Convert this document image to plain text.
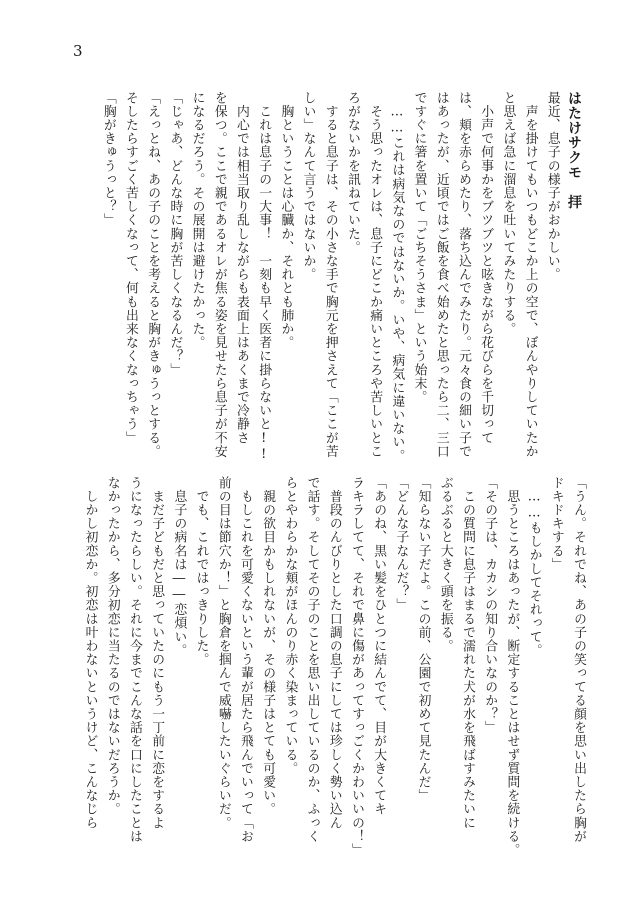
3
はたけサクモ　拝
最近、息子の様子がおかしい。
　声を掛けてもいつもどこか上の空で、ぼんやりしていたか
と思えば急に溜息を吐いてみたりする。
　小声で何事かをブツブツと呟きながら花びらを千切って
は、頬を赤らめたり、落ち込んでみたり。元々食の細い子で
はあったが、近頃ではご飯を食べ始めたと思ったら二、三口
ですぐに箸を置いて「ごちそうさま」という始末。
　……これは病気なのではないか。いや、病気に違いない。
　そう思ったオレは、息子にどこか痛いところや苦しいとこ
ろがないかを訊ねていた。
　すると息子は、その小さな手で胸元を押さえて「ここが苦
しい」なんて言うではないか。
　胸ということは心臓か、それとも肺か。
　これは息子の一大事！　一刻も早く医者に掛らないと!!
　内心では相当取り乱しながらも表面上はあくまで冷静さ
を保つ。ここで親であるオレが焦る姿を見せたら息子が不安
になるだろう。その展開は避けたかった。
「じゃあ、どんな時に胸が苦しくなるんだ？」
「えっとね、あの子のことを考えると胸がきゅうっとする。
そしたらすごく苦しくなって、何も出来なくなっちゃう」
「胸がきゅうっと？」
「うん。それでね、あの子の笑ってる顔を思い出したら胸が
ドキドキする」
　……もしかしてそれって。
　思うところはあったが、断定することはせず質問を続ける。
「その子は、カカシの知り合いなのか？」
　この質問に息子はまるで濡れた犬が水を飛ばすみたいに
ぶるぶると大きく頭を振る。
「知らない子だよ。この前、公園で初めて見たんだ」
「どんな子なんだ？」
「あのね、黒い髪をひとつに結んでて、目が大きくてキ
ラキラしてて、それで鼻に傷があってすっごくかわいいの！」
　普段のんびりとした口調の息子にしては珍しく勢い込ん
で話す。そしてその子のことを思い出しているのか、ふっく
らとやわらかな頬がほんのり赤く染まっている。
　親の欲目かもしれないが、その様子はとても可愛い。
　もしこれを可愛くないという輩が居たら飛んでいって「お
前の目は節穴か！」と胸倉を掴んで威嚇したいぐらいだ。
　でも、これではっきりした。
　息子の病名は――恋煩い。
　まだ子どもだと思っていたのにもう一丁前に恋をするよ
うになったらしい。それに今までこんな話を口にしたことは
なかったから、多分初恋に当たるのではないだろうか。
　しかし初恋か。初恋は叶わないというけど、こんなじら
